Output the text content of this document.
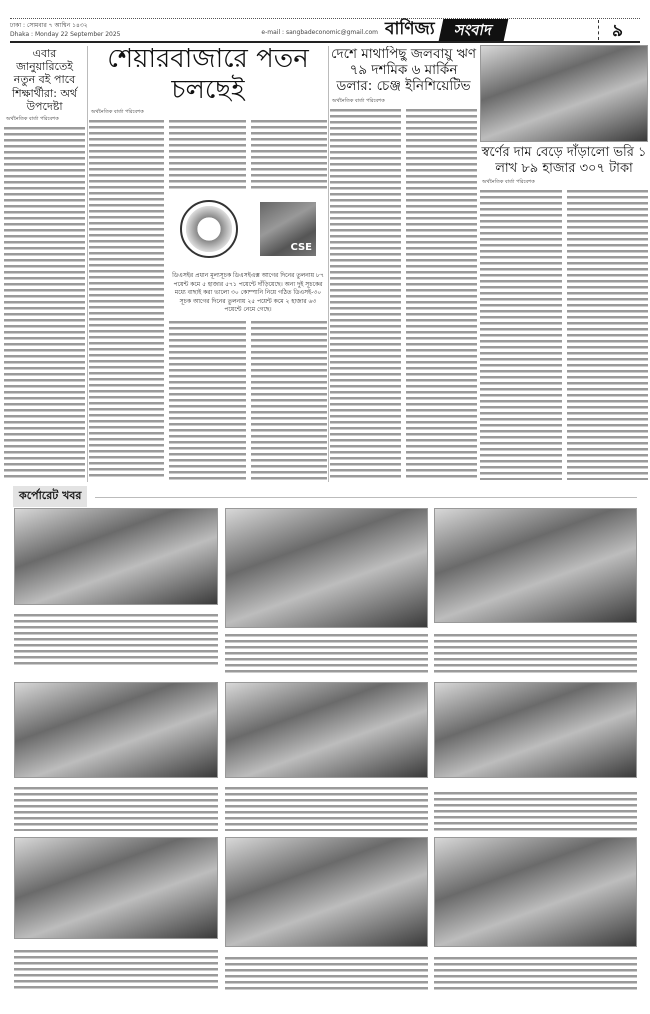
ঢাকা : সোমবার ৭ আশ্বিন ১৪৩২
Dhaka : Monday 22 September 2025	e-mail : sangbadeconomic@gmail.com বাণিজ্য	সংবাদ	৯
এবার জানুয়ারিতেই নতুন বই পাবে শিক্ষার্থীরা: অর্থ উপদেষ্টা
অর্থনৈতিক বার্তা পরিবেশক
শেয়ারবাজারে পতন চলছেই
অর্থনৈতিক বার্তা পরিবেশক
CSE
ডিএসইর প্রধান মূল্যসূচক ডিএসইএক্স আগের দিনের তুলনায় ৮৭ পয়েন্ট কমে ৫ হাজার ৫৭১ পয়েন্টে দাঁড়িয়েছে। অন্য দুই সূচকের মধ্যে বাছাই করা ভালো ৩০ কোম্পানি নিয়ে গঠিত ডিএসই-৩০ সূচক আগের দিনের তুলনায় ২৫ পয়েন্ট কমে ২ হাজার ৬৩ পয়েন্টে নেমে গেছে।
দেশে মাথাপিছু জলবায়ু ঋণ ৭৯ দশমিক ৬ মার্কিন ডলার: চেঞ্জ ইনিশিয়েটিভ
অর্থনৈতিক বার্তা পরিবেশক
স্বর্ণের দাম বেড়ে দাঁড়ালো ভরি ১ লাখ ৮৯ হাজার ৩০৭ টাকা
অর্থনৈতিক বার্তা পরিবেশক
কর্পোরেট খবর
